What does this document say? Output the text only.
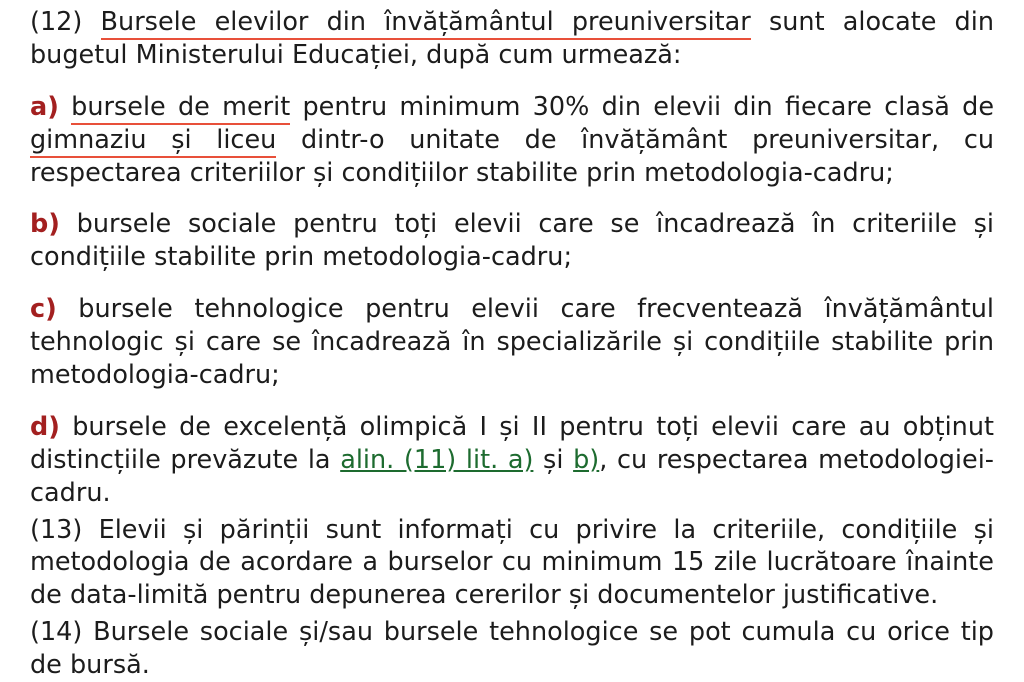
(12) Bursele elevilor din învățământul preuniversitar sunt alocate din bugetul Ministerului Educației, după cum urmează:

a) bursele de merit pentru minimum 30% din elevii din fiecare clasă de gimnaziu și liceu dintr-o unitate de învățământ preuniversitar, cu respectarea criteriilor și condițiilor stabilite prin metodologia-cadru;

b) bursele sociale pentru toți elevii care se încadrează în criteriile și condițiile stabilite prin metodologia-cadru;

c) bursele tehnologice pentru elevii care frecventează învățământul tehnologic și care se încadrează în specializările și condițiile stabilite prin metodologia-cadru;

d) bursele de excelență olimpică I și II pentru toți elevii care au obținut distincțiile prevăzute la alin. (11) lit. a) și b), cu respectarea metodologiei-cadru.

(13) Elevii și părinții sunt informați cu privire la criteriile, condițiile și metodologia de acordare a burselor cu minimum 15 zile lucrătoare înainte de data-limită pentru depunerea cererilor și documentelor justificative.

(14) Bursele sociale și/sau bursele tehnologice se pot cumula cu orice tip de bursă.
